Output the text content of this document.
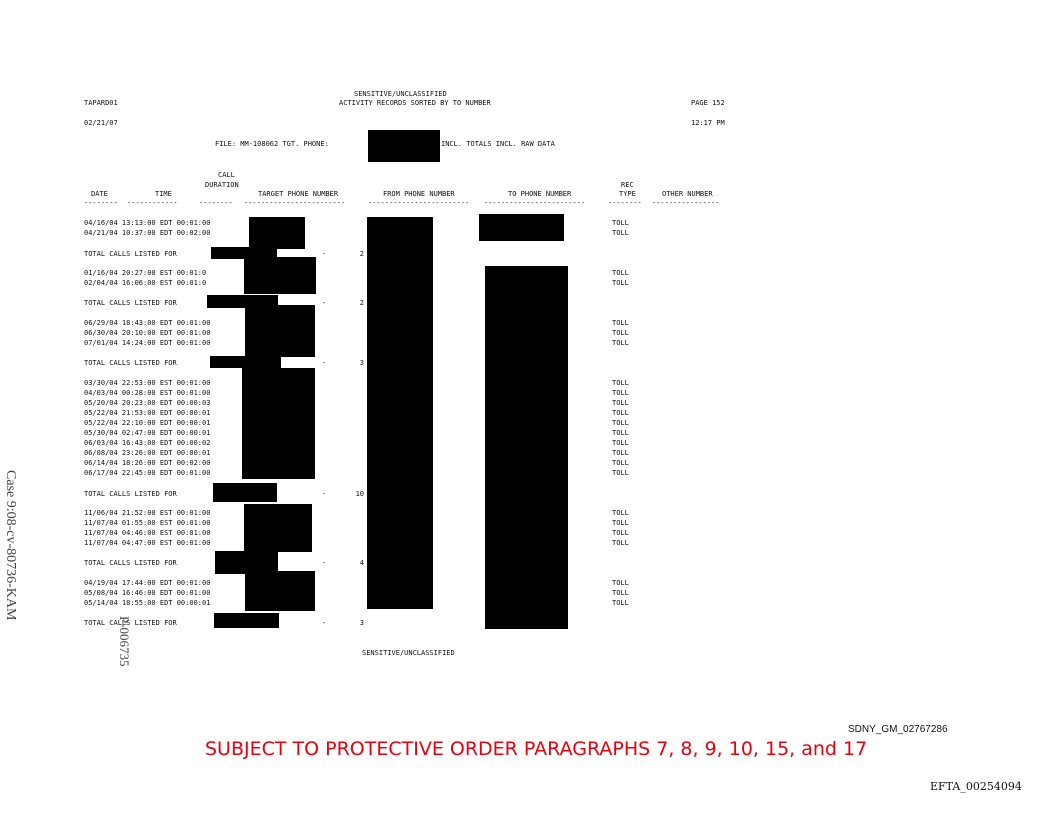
SENSITIVE/UNCLASSIFIED
TAPARD01	ACTIVITY RECORDS SORTED BY TO NUMBER	PAGE 152
02/21/07	12:17 PM
FILE: MM-108062 TGT. PHONE:	INCL. TOTALS INCL. RAW DATA
CALL
DURATION	REC
DATE	TIME	TARGET PHONE NUMBER	FROM PHONE NUMBER	TO PHONE NUMBER	TYPE	OTHER NUMBER
-------- ------------	-------- ------------------------	------------------------ ------------------------	-------- ----------------
04/16/04 13:13:00 EDT 00:01:00	TOLL
04/21/04 10:37:00 EDT 00:02:00	TOLL
TOTAL CALLS LISTED FOR	-	2
01/16/04 20:27:00 EST 00:01:0	TOLL
02/04/04 16:06:00 EST 00:01:0	TOLL
TOTAL CALLS LISTED FOR	-	2
06/29/04 18:43:00 EDT 00:01:00	TOLL
06/30/04 20:10:00 EDT 00:01:00	TOLL
07/01/04 14:24:00 EDT 00:01:00	TOLL
TOTAL CALLS LISTED FOR	-	3
03/30/04 22:53:00 EST 00:01:00	TOLL
04/03/04 00:28:00 EST 00:01:00	TOLL
05/20/04 20:23:00 EDT 00:00:03	TOLL
05/22/04 21:53:00 EDT 00:00:01	TOLL
05/22/04 22:10:00 EDT 00:00:01	TOLL
05/30/04 02:47:00 EDT 00:00:01	TOLL
06/03/04 16:43:00 EDT 00:00:02	TOLL
06/08/04 23:26:00 EDT 00:00:01	TOLL
06/14/04 18:26:00 EDT 00:02:00	TOLL
06/17/04 22:45:00 EDT 00:01:00	TOLL
TOTAL CALLS LISTED FOR	-	10
11/06/04 21:52:00 EST 00:01:00	TOLL
11/07/04 01:55:00 EST 00:01:00	TOLL
11/07/04 04:46:00 EST 00:01:00	TOLL
11/07/04 04:47:00 EST 00:01:00	TOLL
TOTAL CALLS LISTED FOR	-	4
04/19/04 17:44:00 EDT 00:01:00	TOLL
05/08/04 16:46:00 EDT 00:01:00	TOLL
05/14/04 18:55:00 EDT 00:00:01	TOLL
TOTAL CALLS LISTED FOR	-	3
SENSITIVE/UNCLASSIFIED
SDNY_GM_02767286
SUBJECT TO PROTECTIVE ORDER PARAGRAPHS 7, 8, 9, 10, 15, and 17
EFTA_00254094
Case 9:08-cv-80736-KAM
P-006735
